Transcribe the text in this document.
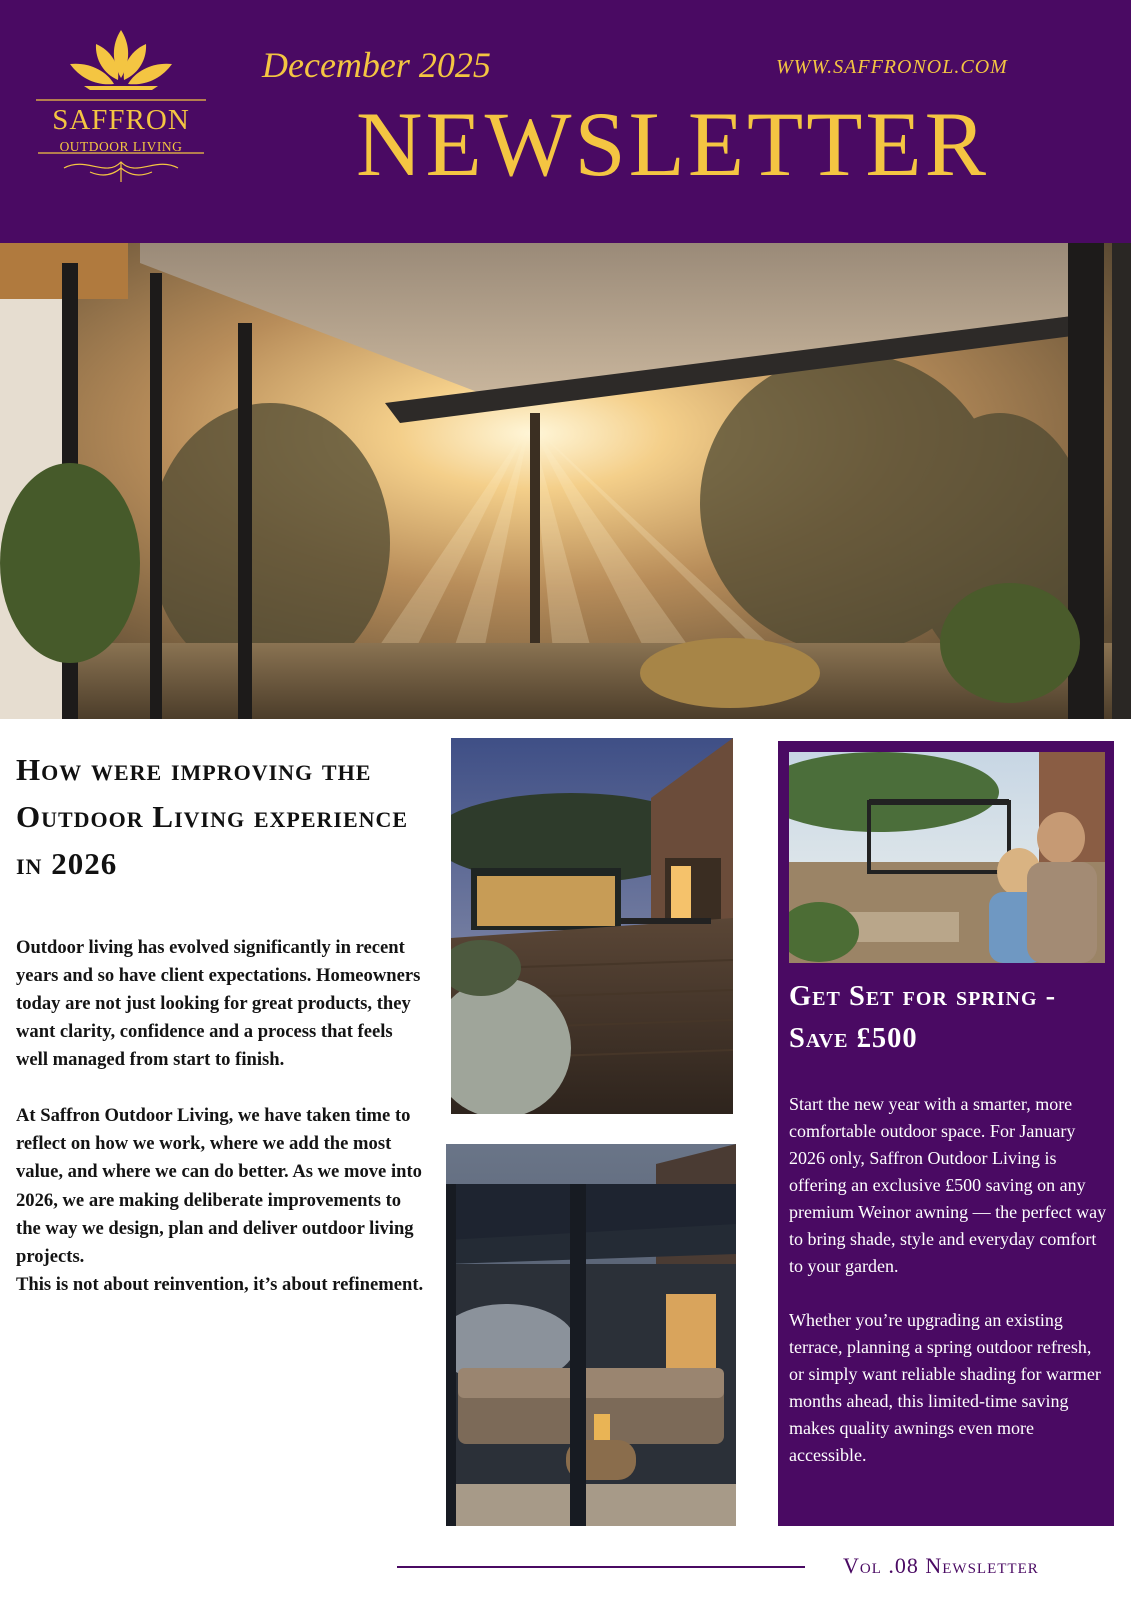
SAFFRON
OUTDOOR LIVING
December 2025	WWW.SAFFRONOL.COM
NEWSLETTER
How were improving the Outdoor Living experience in 2026

Outdoor living has evolved significantly in recent years and so have client expectations. Homeowners today are not just looking for great products, they want clarity, confidence and a process that feels well managed from start to finish.

At Saffron Outdoor Living, we have taken time to reflect on how we work, where we add the most value, and where we can do better. As we move into 2026, we are making deliberate improvements to the way we design, plan and deliver outdoor living projects.

This is not about reinvention, it’s about refinement.

Get Set for spring - Save £500

Start the new year with a smarter, more comfortable outdoor space. For January 2026 only, Saffron Outdoor Living is offering an exclusive £500 saving on any premium Weinor awning — the perfect way to bring shade, style and everyday comfort to your garden.

Whether you’re upgrading an existing terrace, planning a spring outdoor refresh, or simply want reliable shading for warmer months ahead, this limited-time saving makes quality awnings even more accessible.

Vol .08 Newsletter
